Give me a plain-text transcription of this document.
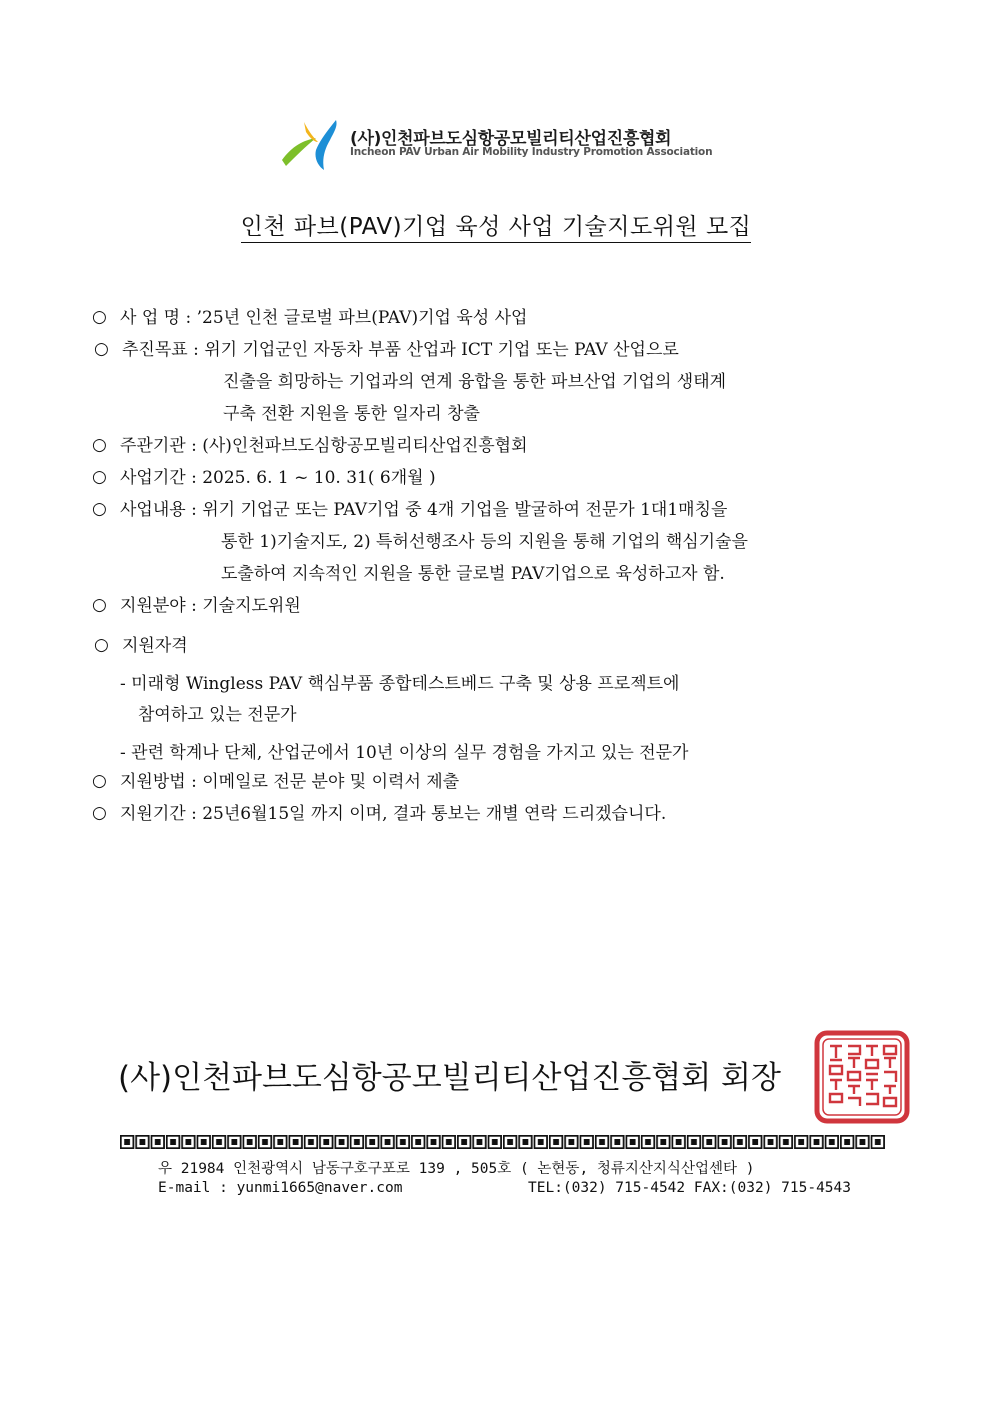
(사)인천파브도심항공모빌리티산업진흥협회
Incheon PAV Urban Air Mobility Industry Promotion Association
인천 파브(PAV)기업 육성 사업 기술지도위원 모집
○ 사 업 명 : ’25년 인천 글로벌 파브(PAV)기업 육성 사업
○ 추진목표 : 위기 기업군인 자동차 부품 산업과 ICT 기업 또는 PAV 산업으로
진출을 희망하는 기업과의 연계 융합을 통한 파브산업 기업의 생태계
구축 전환 지원을 통한 일자리 창출
○ 주관기관 : (사)인천파브도심항공모빌리티산업진흥협회
○ 사업기간 : 2025. 6. 1 ~ 10. 31( 6개월 )
○ 사업내용 : 위기 기업군 또는 PAV기업 중 4개 기업을 발굴하여 전문가 1대1매칭을
통한 1)기술지도, 2) 특허선행조사 등의 지원을 통해 기업의 핵심기술을
도출하여 지속적인 지원을 통한 글로벌 PAV기업으로 육성하고자 함.
○ 지원분야 : 기술지도위원
○ 지원자격
- 미래형 Wingless PAV 핵심부품 종합테스트베드 구축 및 상용 프로젝트에
참여하고 있는 전문가
- 관련 학계나 단체, 산업군에서 10년 이상의 실무 경험을 가지고 있는 전문가
○ 지원방법 : 이메일로 전문 분야 및 이력서 제출
○ 지원기간 : 25년6월15일 까지 이며, 결과 통보는 개별 연락 드리겠습니다.
(사)인천파브도심항공모빌리티산업진흥협회 회장
우 21984 인천광역시 남동구호구포로 139 , 505호 ( 논현동, 청류지산지식산업센타 )
E-mail : yunmi1665@naver.com	TEL:(032) 715-4542 FAX:(032) 715-4543
